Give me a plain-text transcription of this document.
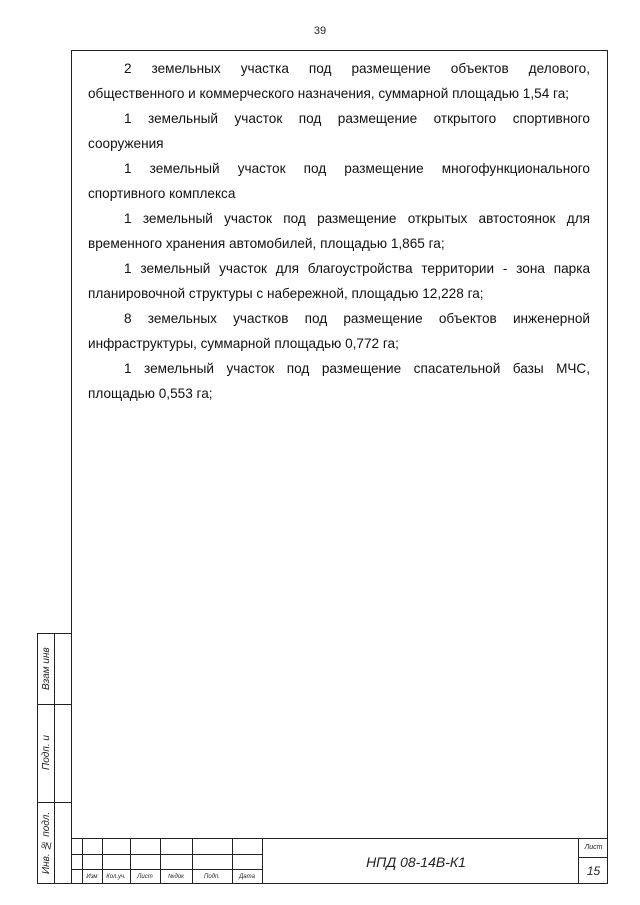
39

2 земельных участка под размещение объектов делового, общественного и коммерческого назначения, суммарной площадью 1,54 га;

1 земельный участок под размещение открытого спортивного сооружения

1 земельный участок под размещение многофункционального спортивного комплекса

1 земельный участок под размещение открытых автостоянок для временного хранения автомобилей, площадью 1,865 га;

1 земельный участок для благоустройства территории - зона парка планировочной структуры с набережной, площадью 12,228 га;

8 земельных участков под размещение объектов инженерной инфраструктуры, суммарной площадью 0,772 га;

1 земельный участок под размещение спасательной базы МЧС, площадью 0,553 га;

Взам инв
Подп. и
Инв. № подл.
Изм	Кол.уч.	Лист	№док	Подп.	Дата
НПД 08-14В-К1
Лист
15
